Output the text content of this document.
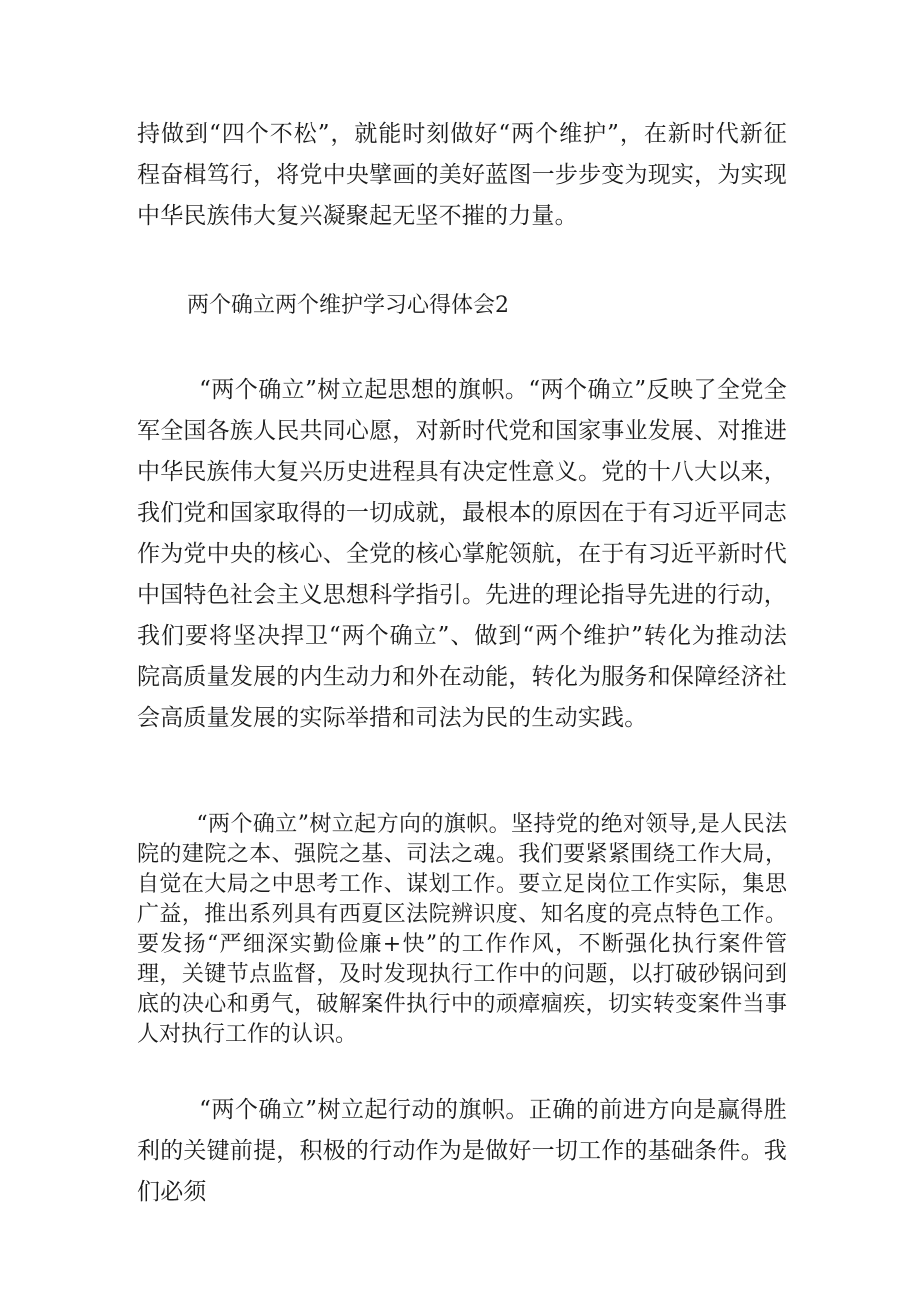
持做到“四个不松”，就能时刻做好“两个维护”，在新时代新征程奋楫笃行，将党中央擘画的美好蓝图一步步变为现实，为实现中华民族伟大复兴凝聚起无坚不摧的力量。

两个确立两个维护学习心得体会2

“两个确立”树立起思想的旗帜。“两个确立”反映了全党全军全国各族人民共同心愿，对新时代党和国家事业发展、对推进中华民族伟大复兴历史进程具有决定性意义。党的十八大以来，我们党和国家取得的一切成就，最根本的原因在于有习近平同志作为党中央的核心、全党的核心掌舵领航，在于有习近平新时代中国特色社会主义思想科学指引。先进的理论指导先进的行动，我们要将坚决捍卫“两个确立”、做到“两个维护”转化为推动法院高质量发展的内生动力和外在动能，转化为服务和保障经济社会高质量发展的实际举措和司法为民的生动实践。

“两个确立”树立起方向的旗帜。坚持党的绝对领导,是人民法院的建院之本、强院之基、司法之魂。我们要紧紧围绕工作大局，自觉在大局之中思考工作、谋划工作。要立足岗位工作实际，集思广益，推出系列具有西夏区法院辨识度、知名度的亮点特色工作。要发扬“严细深实勤俭廉+快”的工作作风，不断强化执行案件管理，关键节点监督，及时发现执行工作中的问题，以打破砂锅问到底的决心和勇气，破解案件执行中的顽瘴痼疾，切实转变案件当事人对执行工作的认识。

“两个确立”树立起行动的旗帜。正确的前进方向是赢得胜利的关键前提，积极的行动作为是做好一切工作的基础条件。我们必须
